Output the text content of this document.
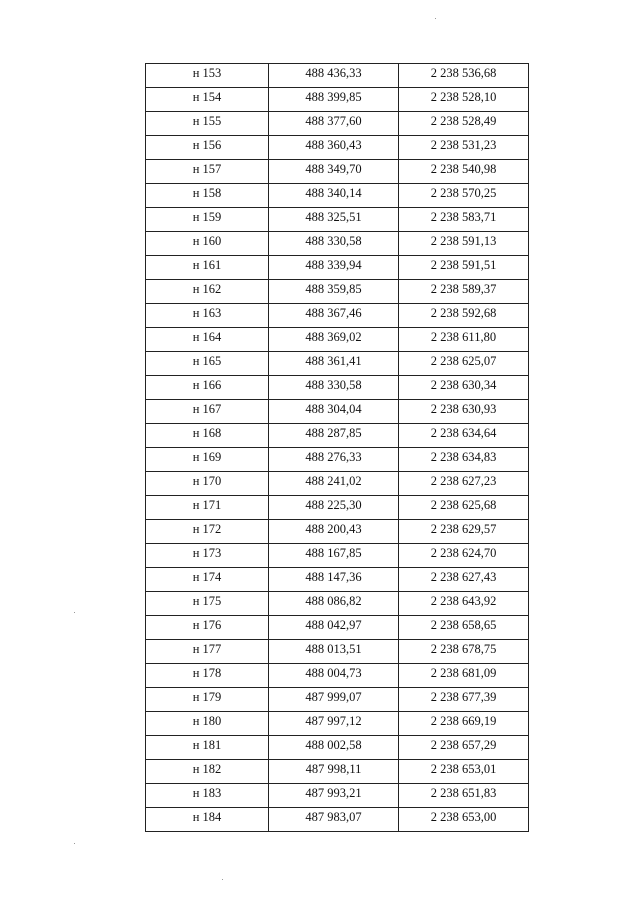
н 153	488 436,33	2 238 536,68
н 154	488 399,85	2 238 528,10
н 155	488 377,60	2 238 528,49
н 156	488 360,43	2 238 531,23
н 157	488 349,70	2 238 540,98
н 158	488 340,14	2 238 570,25
н 159	488 325,51	2 238 583,71
н 160	488 330,58	2 238 591,13
н 161	488 339,94	2 238 591,51
н 162	488 359,85	2 238 589,37
н 163	488 367,46	2 238 592,68
н 164	488 369,02	2 238 611,80
н 165	488 361,41	2 238 625,07
н 166	488 330,58	2 238 630,34
н 167	488 304,04	2 238 630,93
н 168	488 287,85	2 238 634,64
н 169	488 276,33	2 238 634,83
н 170	488 241,02	2 238 627,23
н 171	488 225,30	2 238 625,68
н 172	488 200,43	2 238 629,57
н 173	488 167,85	2 238 624,70
н 174	488 147,36	2 238 627,43
н 175	488 086,82	2 238 643,92
н 176	488 042,97	2 238 658,65
н 177	488 013,51	2 238 678,75
н 178	488 004,73	2 238 681,09
н 179	487 999,07	2 238 677,39
н 180	487 997,12	2 238 669,19
н 181	488 002,58	2 238 657,29
н 182	487 998,11	2 238 653,01
н 183	487 993,21	2 238 651,83
н 184	487 983,07	2 238 653,00
